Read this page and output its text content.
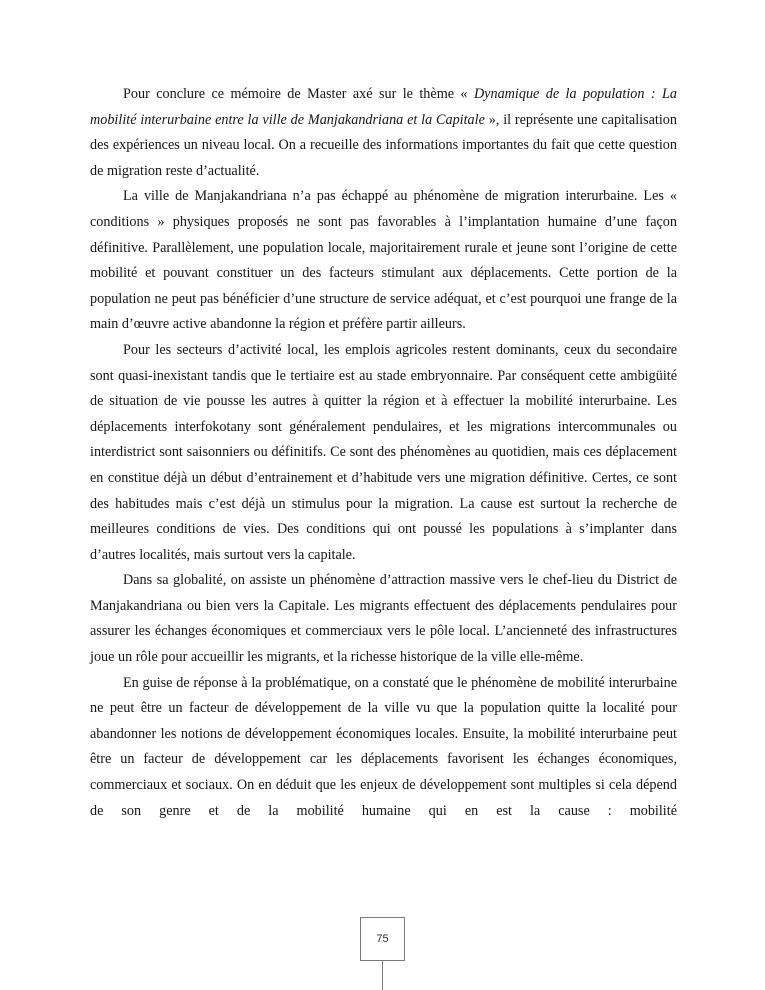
Pour conclure ce mémoire de Master axé sur le thème « Dynamique de la population : La mobilité interurbaine entre la ville de Manjakandriana et la Capitale », il représente une capitalisation des expériences un niveau local. On a recueille des informations importantes du fait que cette question de migration reste d’actualité.

La ville de Manjakandriana n’a pas échappé au phénomène de migration interurbaine. Les « conditions » physiques proposés ne sont pas favorables à l’implantation humaine d’une façon définitive. Parallèlement, une population locale, majoritairement rurale et jeune sont l’origine de cette mobilité et pouvant constituer un des facteurs stimulant aux déplacements. Cette portion de la population ne peut pas bénéficier d’une structure de service adéquat, et c’est pourquoi une frange de la main d’œuvre active abandonne la région et préfère partir ailleurs.

Pour les secteurs d’activité local, les emplois agricoles restent dominants, ceux du secondaire sont quasi-inexistant tandis que le tertiaire est au stade embryonnaire. Par conséquent cette ambigüité de situation de vie pousse les autres à quitter la région et à effectuer la mobilité interurbaine. Les déplacements interfokotany sont généralement pendulaires, et les migrations intercommunales ou interdistrict sont saisonniers ou définitifs. Ce sont des phénomènes au quotidien, mais ces déplacement en constitue déjà un début d’entrainement et d’habitude vers une migration définitive. Certes, ce sont des habitudes mais c’est déjà un stimulus pour la migration. La cause est surtout la recherche de meilleures conditions de vies. Des conditions qui ont poussé les populations à s’implanter dans d’autres localités, mais surtout vers la capitale.

Dans sa globalité, on assiste un phénomène d’attraction massive vers le chef-lieu du District de Manjakandriana ou bien vers la Capitale. Les migrants effectuent des déplacements pendulaires pour assurer les échanges économiques et commerciaux vers le pôle local. L’ancienneté des infrastructures joue un rôle pour accueillir les migrants, et la richesse historique de la ville elle-même.

En guise de réponse à la problématique, on a constaté que le phénomène de mobilité interurbaine ne peut être un facteur de développement de la ville vu que la population quitte la localité pour abandonner les notions de développement économiques locales. Ensuite, la mobilité interurbaine peut être un facteur de développement car les déplacements favorisent les échanges économiques, commerciaux et sociaux. On en déduit que les enjeux de développement sont multiples si cela dépend de son genre et de la mobilité humaine qui en est la cause : mobilité

75
